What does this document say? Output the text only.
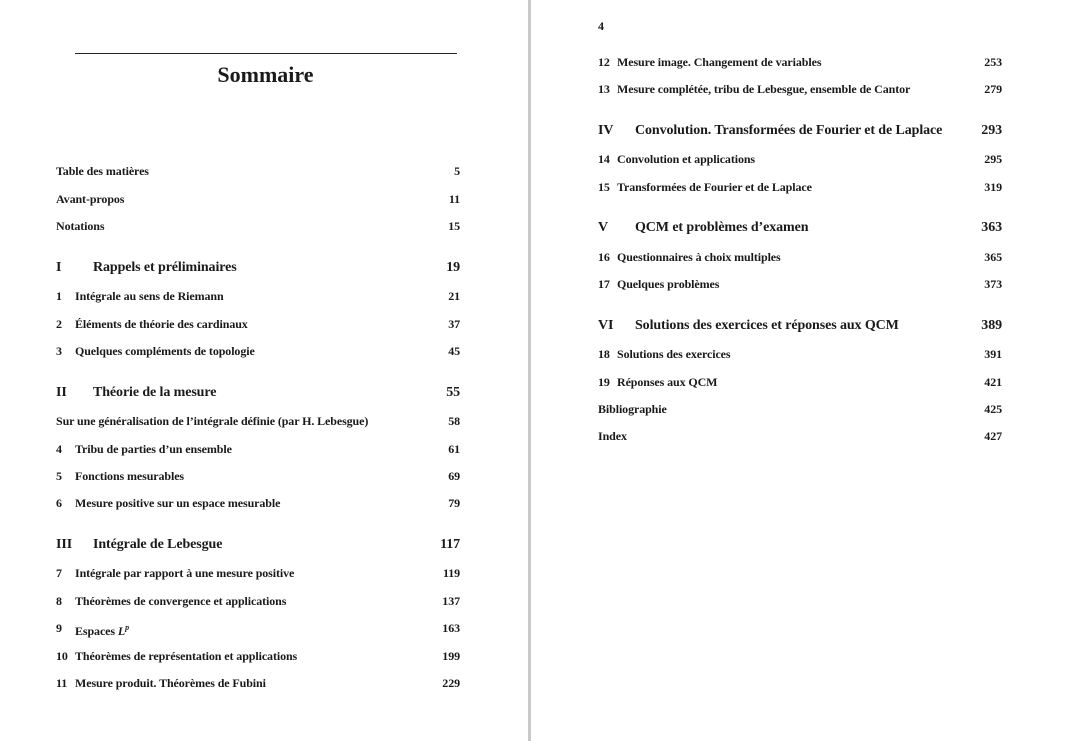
Sommaire
Table des matières	5
Avant-propos	11
Notations	15
I Rappels et préliminaires	19
1 Intégrale au sens de Riemann	21
2 Éléments de théorie des cardinaux	37
3 Quelques compléments de topologie	45
II Théorie de la mesure	55
Sur une généralisation de l’intégrale définie (par H. Lebesgue)	58
4 Tribu de parties d’un ensemble	61
5 Fonctions mesurables	69
6 Mesure positive sur un espace mesurable	79
III Intégrale de Lebesgue	117
7 Intégrale par rapport à une mesure positive	119
8 Théorèmes de convergence et applications	137
9 Espaces $L^p$	163
10 Théorèmes de représentation et applications	199
11 Mesure produit. Théorèmes de Fubini	229
4
12 Mesure image. Changement de variables	253
13 Mesure complétée, tribu de Lebesgue, ensemble de Cantor	279
IV Convolution. Transformées de Fourier et de Laplace	293
14 Convolution et applications	295
15 Transformées de Fourier et de Laplace	319
V QCM et problèmes d’examen	363
16 Questionnaires à choix multiples	365
17 Quelques problèmes	373
VI Solutions des exercices et réponses aux QCM	389
18 Solutions des exercices	391
19 Réponses aux QCM	421
Bibliographie	425
Index	427
